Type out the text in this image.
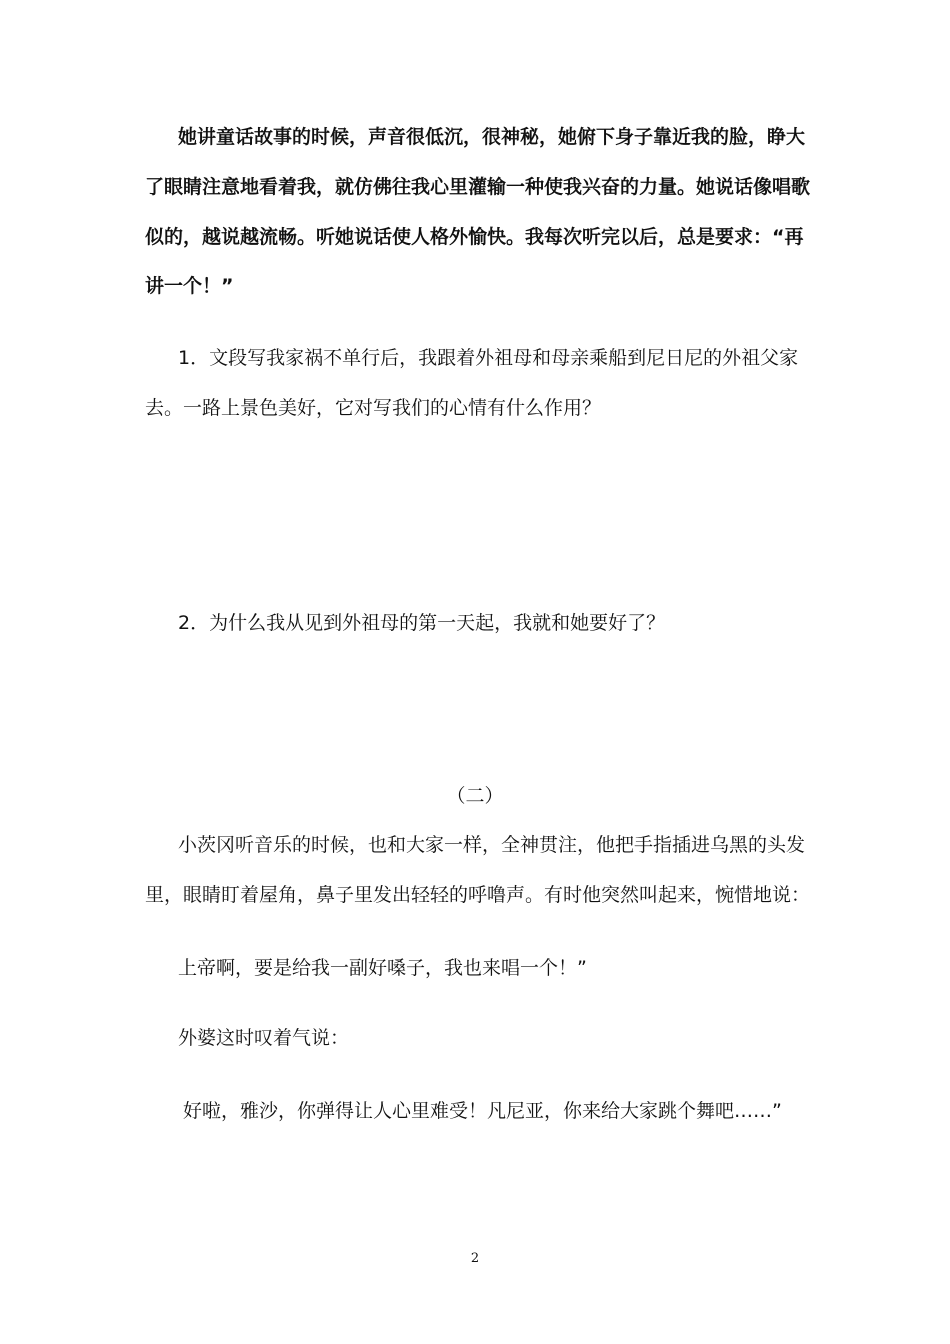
她讲童话故事的时候，声音很低沉，很神秘，她俯下身子靠近我的脸，睁大
了眼睛注意地看着我，就仿佛往我心里灌输一种使我兴奋的力量。她说话像唱歌
似的，越说越流畅。听她说话使人格外愉快。我每次听完以后，总是要求：“再
讲一个！”
1．文段写我家祸不单行后，我跟着外祖母和母亲乘船到尼日尼的外祖父家
去。一路上景色美好，它对写我们的心情有什么作用？
2．为什么我从见到外祖母的第一天起，我就和她要好了？
（二）
小茨冈听音乐的时候，也和大家一样，全神贯注，他把手指插进乌黑的头发
里，眼睛盯着屋角，鼻子里发出轻轻的呼噜声。有时他突然叫起来，惋惜地说：
上帝啊，要是给我一副好嗓子，我也来唱一个！”
外婆这时叹着气说：
好啦，雅沙，你弹得让人心里难受！凡尼亚，你来给大家跳个舞吧……”
2
